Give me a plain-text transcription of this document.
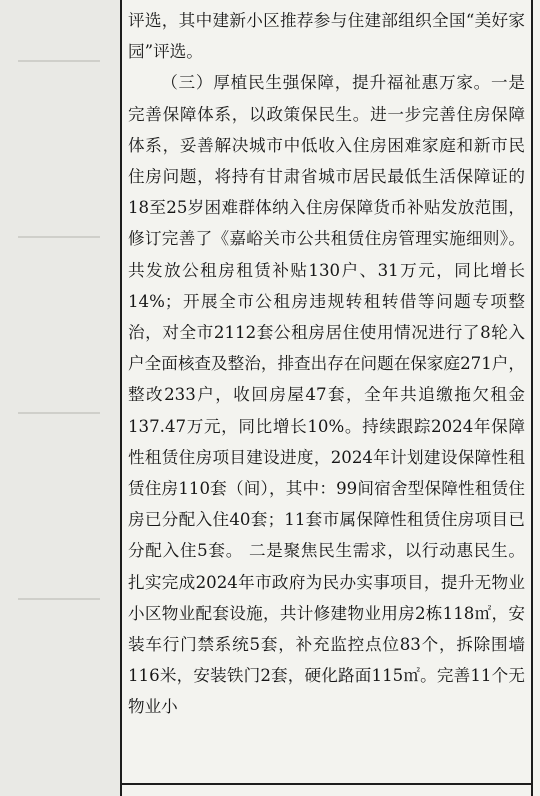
评选，其中建新小区推荐参与住建部组织全国“美好家园”评选。

（三）厚植民生强保障，提升福祉惠万家。一是完善保障体系，以政策保民生。进一步完善住房保障体系，妥善解决城市中低收入住房困难家庭和新市民住房问题，将持有甘肃省城市居民最低生活保障证的18至25岁困难群体纳入住房保障货币补贴发放范围，修订完善了《嘉峪关市公共租赁住房管理实施细则》。共发放公租房租赁补贴130户、31万元，同比增长14%；开展全市公租房违规转租转借等问题专项整治，对全市2112套公租房居住使用情况进行了8轮入户全面核查及整治，排查出存在问题在保家庭271户，整改233户，收回房屋47套，全年共追缴拖欠租金137.47万元，同比增长10%。持续跟踪2024年保障性租赁住房项目建设进度，2024年计划建设保障性租赁住房110套（间），其中：99间宿舍型保障性租赁住房已分配入住40套；11套市属保障性租赁住房项目已分配入住5套。 二是聚焦民生需求，以行动惠民生。扎实完成2024年市政府为民办实事项目，提升无物业小区物业配套设施，共计修建物业用房2栋118㎡，安装车行门禁系统5套，补充监控点位83个，拆除围墙116米，安装铁门2套，硬化路面115㎡。完善11个无物业小
